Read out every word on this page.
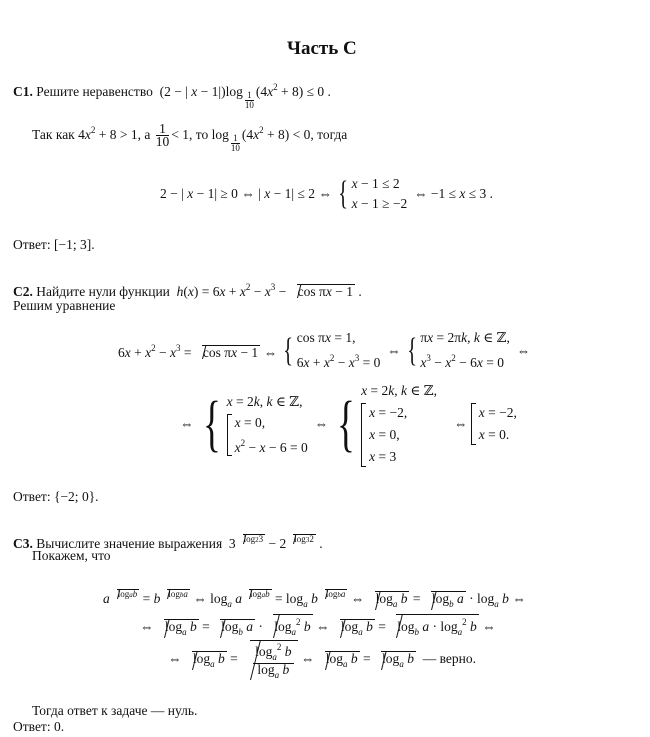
Часть C
C1. Решите неравенство  (2 − | $x - 1|)\log \frac{1}{10} (4x^2 + 8) \le 0$ .
Так как $4x^2 + 8 > 1$, а $\frac{1}{10} < 1$, то $\log \frac{1}{10} (4x^2 + 8) < 0$, тогда
2 − | x − 1| ≥ 0 ⇔ | x − 1| ≤ 2 ⇔ { x − 1 ≤ 2
x − 1 ≥ −2  ⇔ −1 ≤ x ≤ 3 .
Ответ: [−1; 3].
C2. Найдите нули функции $h(x) = 6x + x^2 - x^3 - \cos \pi x - 1$ .
Решим уравнение
$6x + x^2 - x^3 = \cos \pi x - 1$ ⇔ { cos πx = 1,
$6x + x^2 - x^3 = 0$  ⇔ { πx = 2πk, k ∈ ℤ,
$x^3 - x^2 - 6x = 0$  ⇔
⇔ { x = 2k, k ∈ ℤ,
x = 0,
$x^2 - x - 6 = 0$  ⇔ { x = 2k, k ∈ ℤ,
x = −2,
x = 0,
x = 3     ⇔ x = −2,
x = 0.
Ответ: {−2; 0}.
C3. Вычислите значение выражения  3 $^{log23}$ − 2 $^{log32}$ .
Покажем, что
a $^{logab}$ = b $^{logba}$ ⇔ $\log_a a$ $^{logab} = \log_a b$ $^{logba}$ ⇔ $\log_a b = \log_b a \cdot \log_a b$ ⇔
⇔ $\log_a b = \log_b a \cdot \log_a^2 b$ ⇔ $\log_a b = \log_b a \cdot \log_a^2 b$ ⇔
⇔ $\log_a b = \frac{\log_a^2 b}{\log_a b}$ ⇔ $\log_a b = \log_a b$ — верно.
Тогда ответ к задаче — нуль.
Ответ: 0.
